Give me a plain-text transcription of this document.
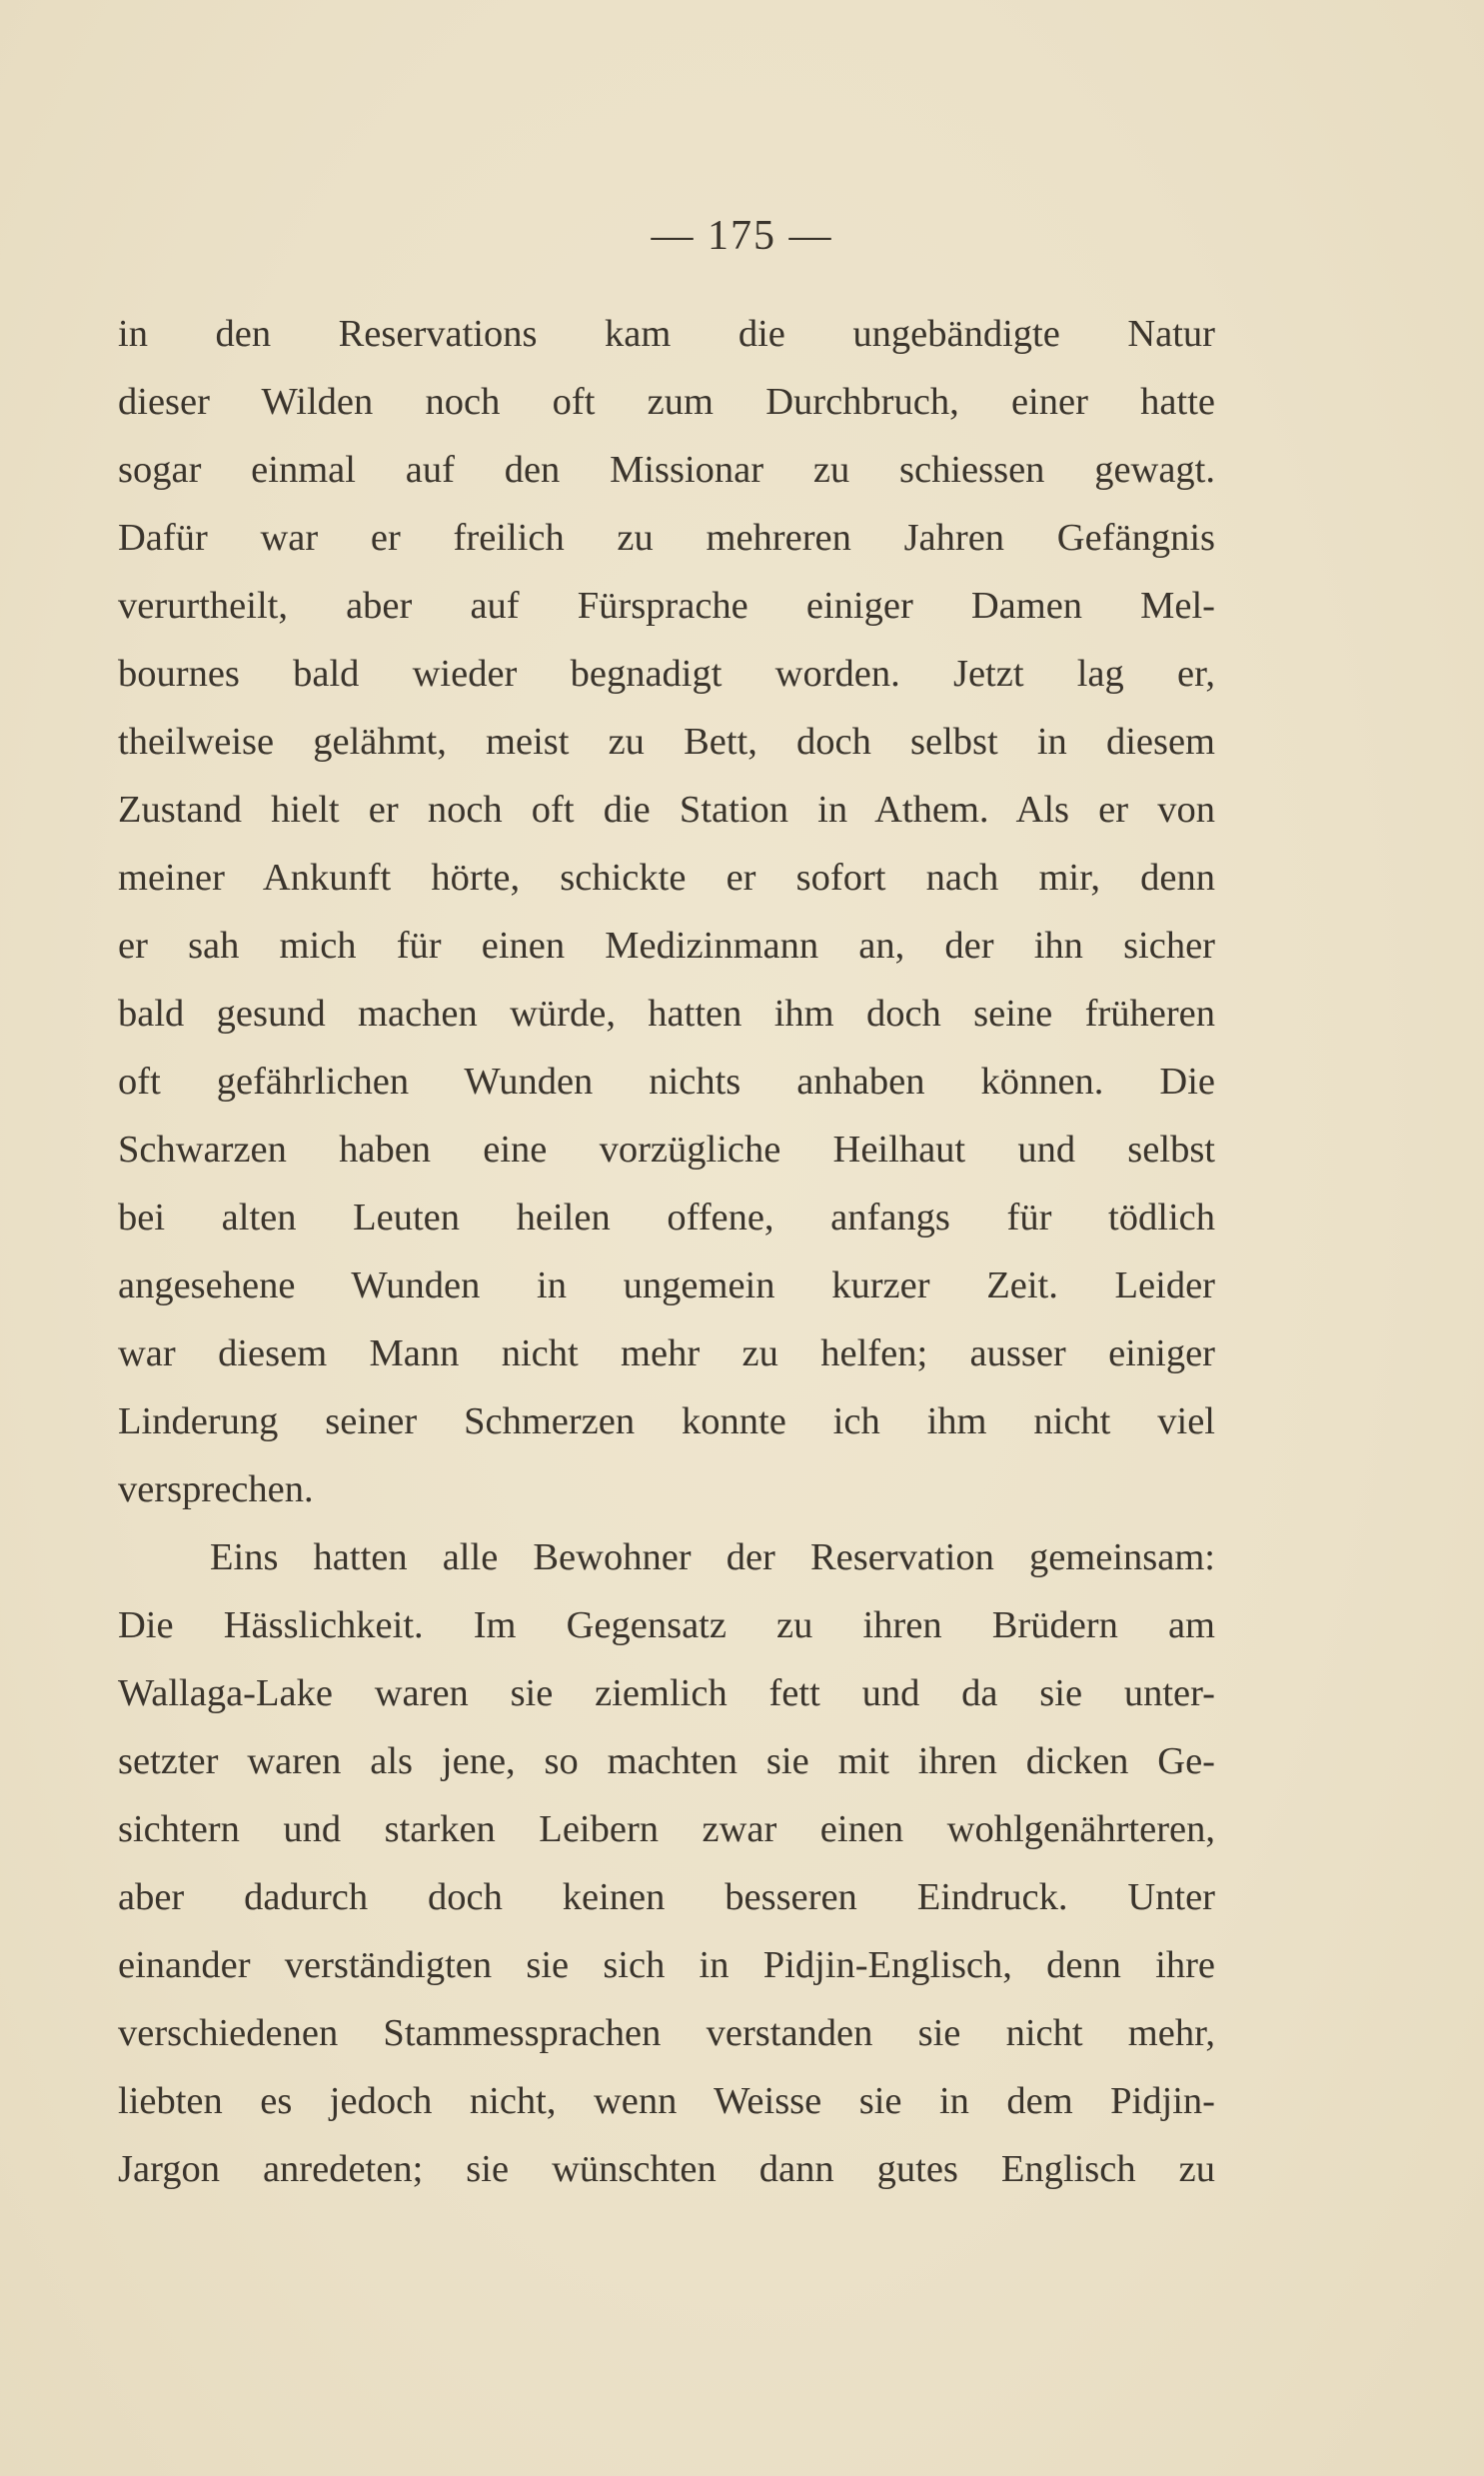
— 175 —
in den Reservations kam die ungebändigte Natur
dieser Wilden noch oft zum Durchbruch, einer hatte
sogar einmal auf den Missionar zu schiessen gewagt.
Dafür war er freilich zu mehreren Jahren Gefängnis
verurtheilt, aber auf Fürsprache einiger Damen Mel-
bournes bald wieder begnadigt worden. Jetzt lag er,
theilweise gelähmt, meist zu Bett, doch selbst in diesem
Zustand hielt er noch oft die Station in Athem. Als er von
meiner Ankunft hörte, schickte er sofort nach mir, denn
er sah mich für einen Medizinmann an, der ihn sicher
bald gesund machen würde, hatten ihm doch seine früheren
oft gefährlichen Wunden nichts anhaben können. Die
Schwarzen haben eine vorzügliche Heilhaut und selbst
bei alten Leuten heilen offene, anfangs für tödlich
angesehene Wunden in ungemein kurzer Zeit. Leider
war diesem Mann nicht mehr zu helfen; ausser einiger
Linderung seiner Schmerzen konnte ich ihm nicht viel
versprechen.
Eins hatten alle Bewohner der Reservation gemeinsam:
Die Hässlichkeit. Im Gegensatz zu ihren Brüdern am
Wallaga-Lake waren sie ziemlich fett und da sie unter-
setzter waren als jene, so machten sie mit ihren dicken Ge-
sichtern und starken Leibern zwar einen wohlgenährteren,
aber dadurch doch keinen besseren Eindruck. Unter
einander verständigten sie sich in Pidjin-Englisch, denn ihre
verschiedenen Stammessprachen verstanden sie nicht mehr,
liebten es jedoch nicht, wenn Weisse sie in dem Pidjin-
Jargon anredeten; sie wünschten dann gutes Englisch zu
